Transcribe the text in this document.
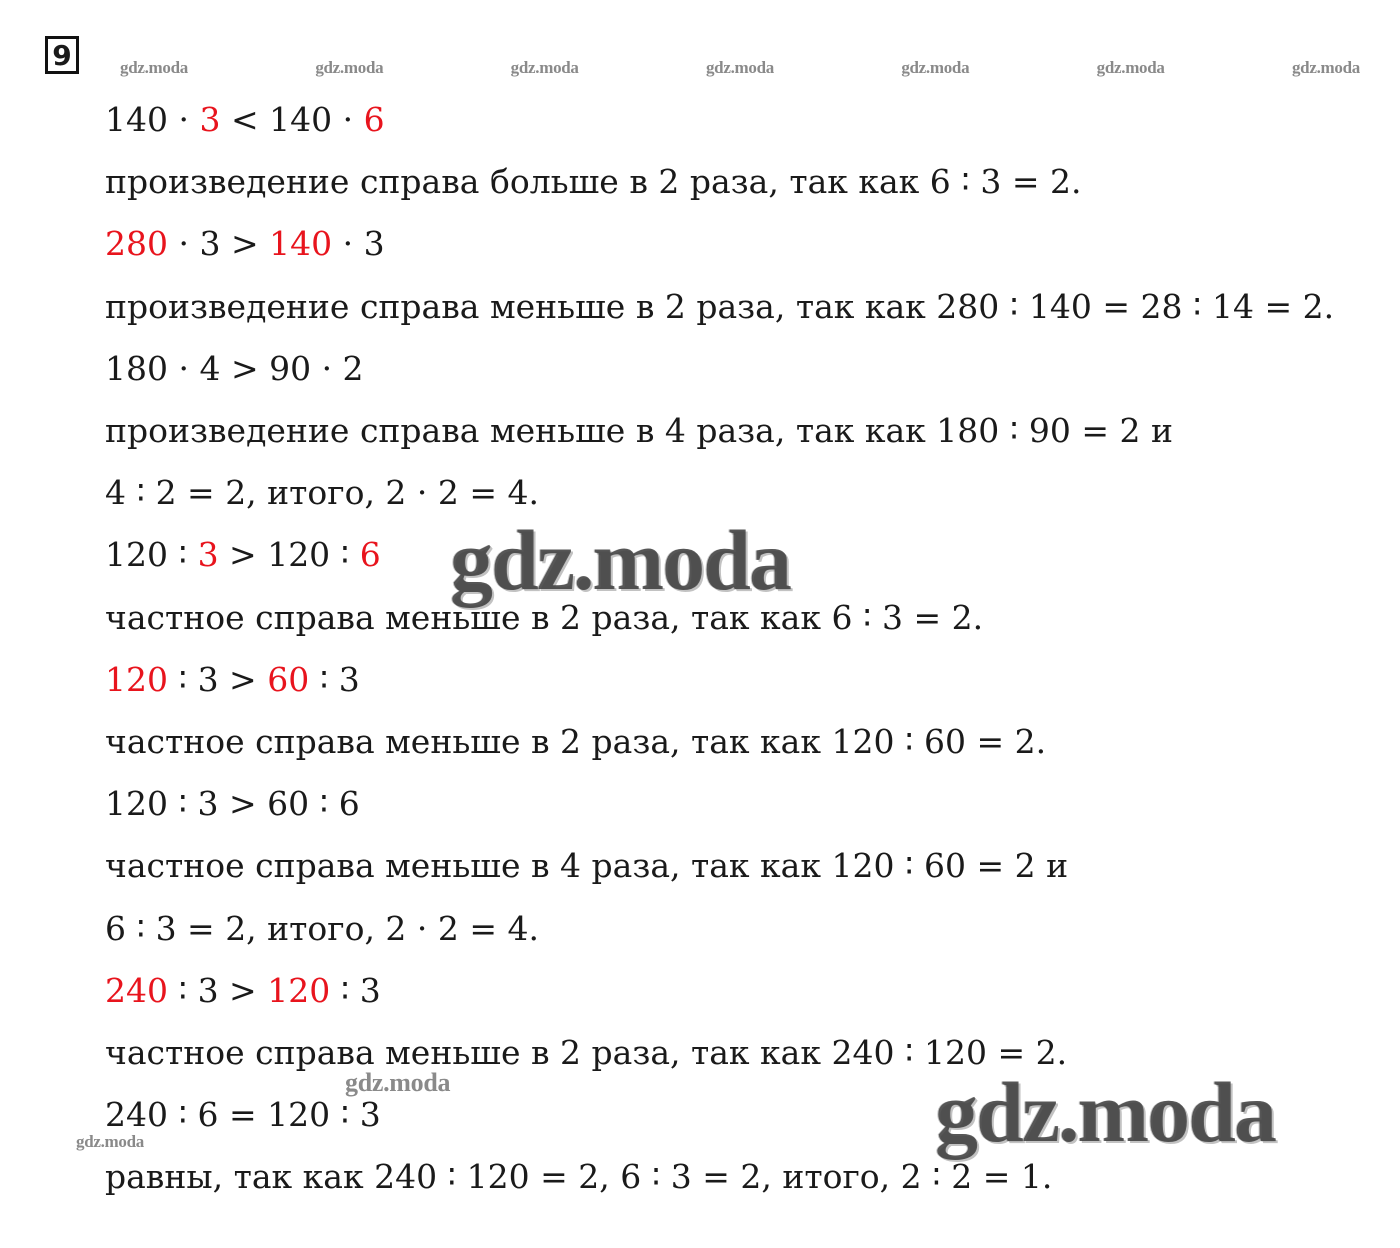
9	gdz.moda	gdz.moda	gdz.moda	gdz.moda	gdz.moda	gdz.moda	gdz.moda
140 · 3 < 140 · 6
произведение справа больше в 2 раза, так как 6 ∶ 3 = 2.
280 · 3 > 140 · 3
произведение справа меньше в 2 раза, так как 280 ∶ 140 = 28 ∶ 14 = 2.
180 · 4 > 90 · 2
произведение справа меньше в 4 раза, так как 180 ∶ 90 = 2 и
4 ∶ 2 = 2, итого, 2 · 2 = 4.
120 ∶ 3 > 120 ∶ 6
частное справа меньше в 2 раза, так как 6 ∶ 3 = 2.
120 ∶ 3 > 60 ∶ 3
частное справа меньше в 2 раза, так как 120 ∶ 60 = 2.
120 ∶ 3 > 60 ∶ 6
частное справа меньше в 4 раза, так как 120 ∶ 60 = 2 и
6 ∶ 3 = 2, итого, 2 · 2 = 4.
240 ∶ 3 > 120 ∶ 3
частное справа меньше в 2 раза, так как 240 ∶ 120 = 2.
240 ∶ 6 = 120 ∶ 3
равны, так как 240 ∶ 120 = 2, 6 ∶ 3 = 2, итого, 2 ∶ 2 = 1.
gdz.moda
gdz.moda
gdz.moda	gdz.moda
